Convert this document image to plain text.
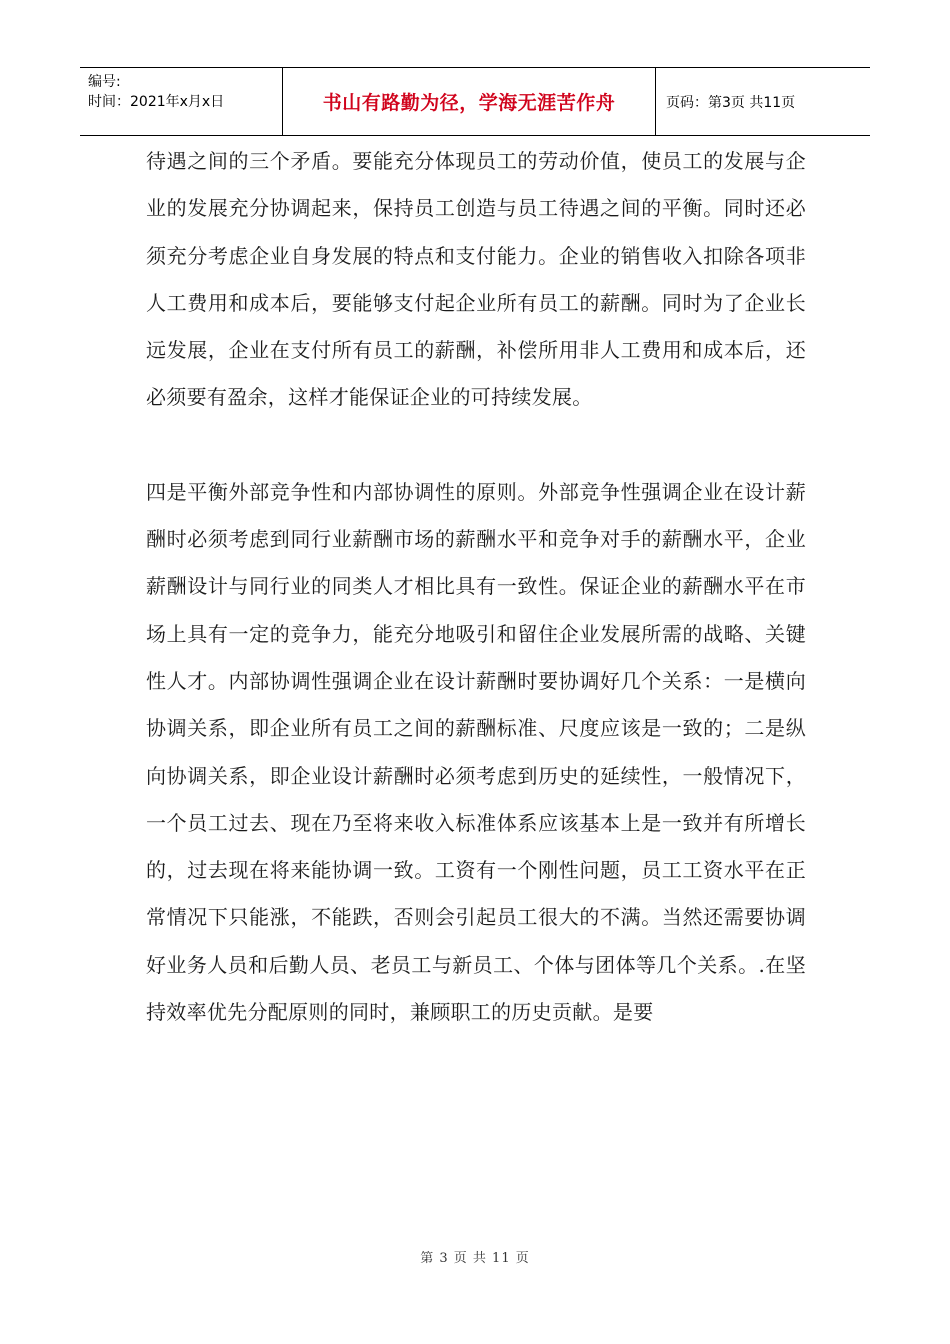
编号:
时间：2021年x月x日	书山有路勤为径，学海无涯苦作舟	页码：第3页 共11页

待遇之间的三个矛盾。要能充分体现员工的劳动价值，使员工的发展与企业的发展充分协调起来，保持员工创造与员工待遇之间的平衡。同时还必须充分考虑企业自身发展的特点和支付能力。企业的销售收入扣除各项非人工费用和成本后，要能够支付起企业所有员工的薪酬。同时为了企业长远发展，企业在支付所有员工的薪酬，补偿所用非人工费用和成本后，还必须要有盈余，这样才能保证企业的可持续发展。

四是平衡外部竞争性和内部协调性的原则。外部竞争性强调企业在设计薪酬时必须考虑到同行业薪酬市场的薪酬水平和竞争对手的薪酬水平，企业薪酬设计与同行业的同类人才相比具有一致性。保证企业的薪酬水平在市场上具有一定的竞争力，能充分地吸引和留住企业发展所需的战略、关键性人才。内部协调性强调企业在设计薪酬时要协调好几个关系：一是横向协调关系，即企业所有员工之间的薪酬标准、尺度应该是一致的；二是纵向协调关系，即企业设计薪酬时必须考虑到历史的延续性，一般情况下，一个员工过去、现在乃至将来收入标准体系应该基本上是一致并有所增长的，过去现在将来能协调一致。工资有一个刚性问题，员工工资水平在正常情况下只能涨，不能跌，否则会引起员工很大的不满。当然还需要协调好业务人员和后勤人员、老员工与新员工、个体与团体等几个关系。.在坚持效率优先分配原则的同时，兼顾职工的历史贡献。是要

第 3 页 共 11 页
